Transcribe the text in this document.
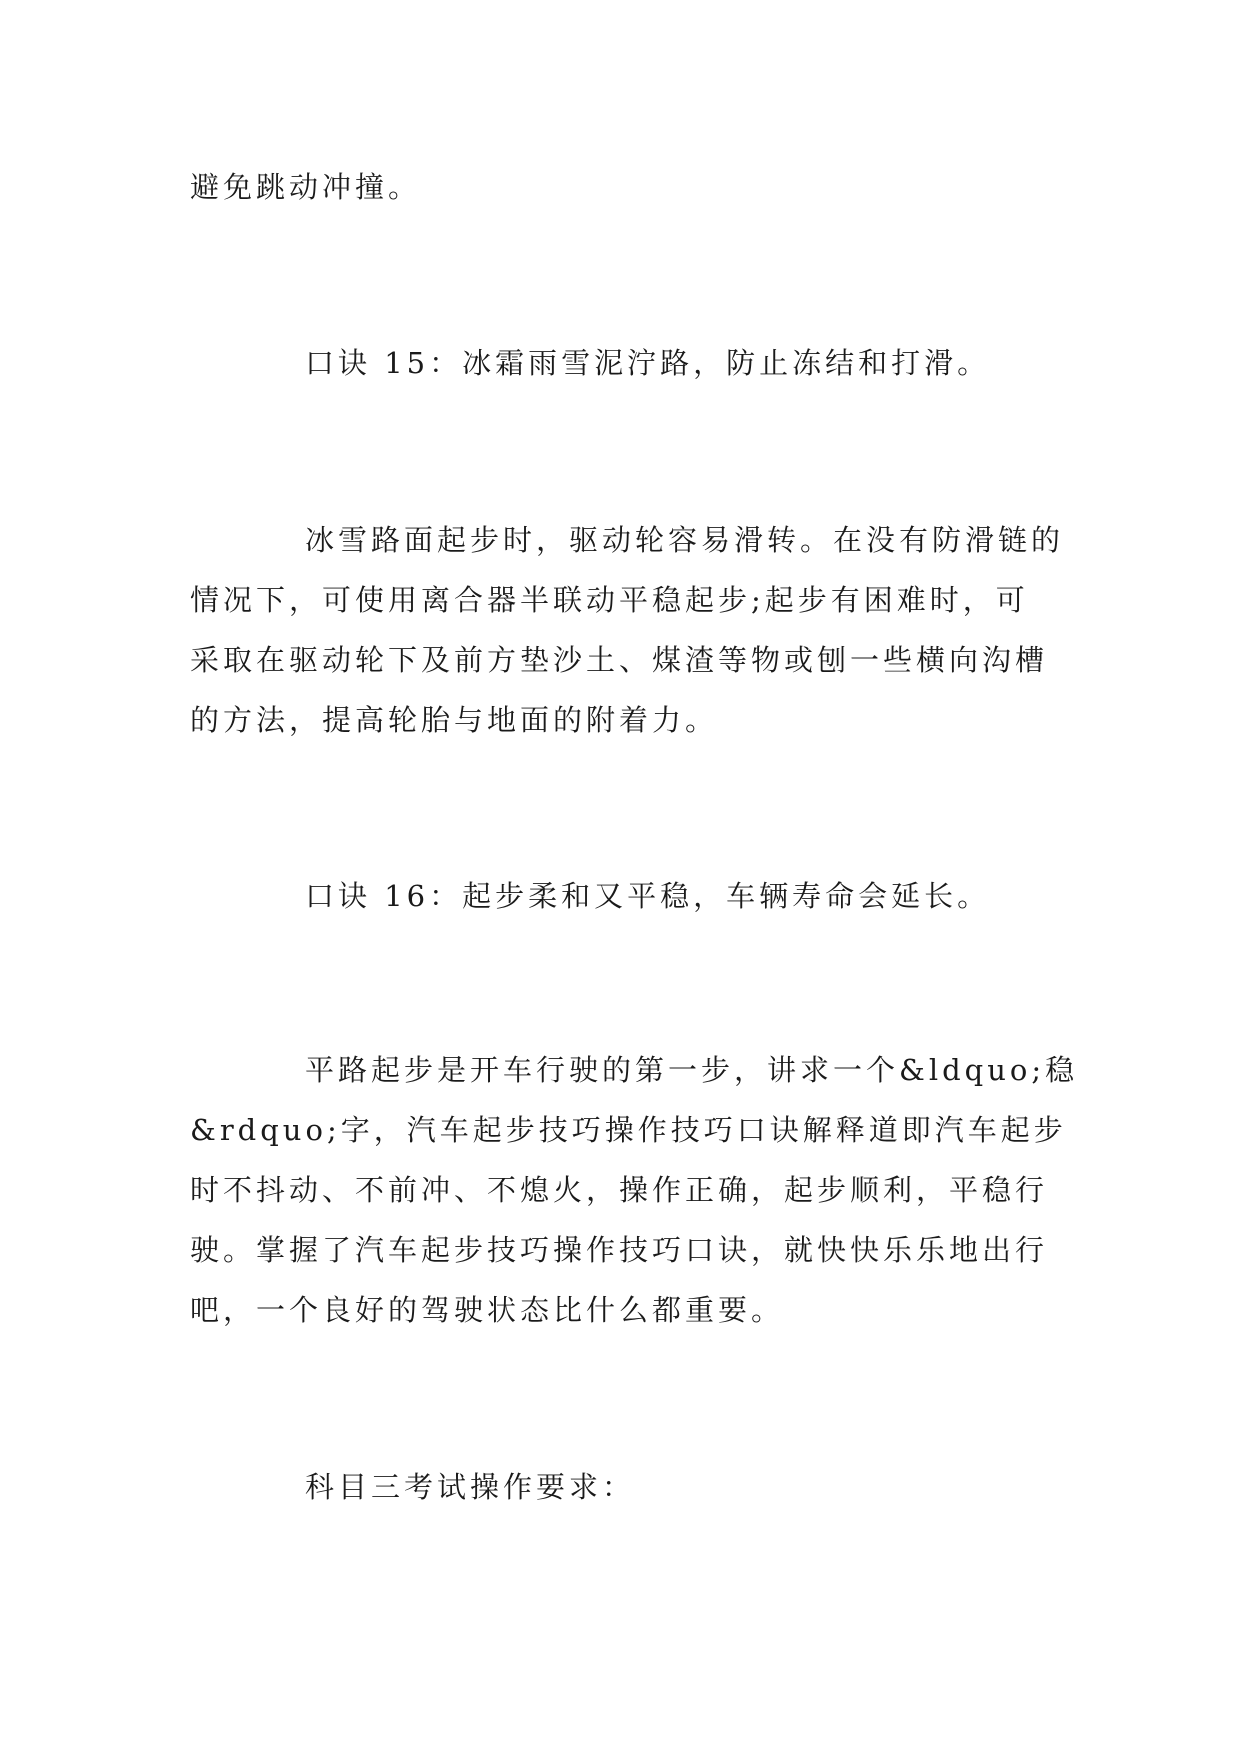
避免跳动冲撞。

口诀 15：冰霜雨雪泥泞路，防止冻结和打滑。

冰雪路面起步时，驱动轮容易滑转。在没有防滑链的

情况下，可使用离合器半联动平稳起步;起步有困难时，可

采取在驱动轮下及前方垫沙土、煤渣等物或刨一些横向沟槽

的方法，提高轮胎与地面的附着力。

口诀 16：起步柔和又平稳，车辆寿命会延长。

平路起步是开车行驶的第一步，讲求一个&ldquo;稳

&rdquo;字，汽车起步技巧操作技巧口诀解释道即汽车起步

时不抖动、不前冲、不熄火，操作正确，起步顺利，平稳行

驶。掌握了汽车起步技巧操作技巧口诀，就快快乐乐地出行

吧，一个良好的驾驶状态比什么都重要。

科目三考试操作要求：
